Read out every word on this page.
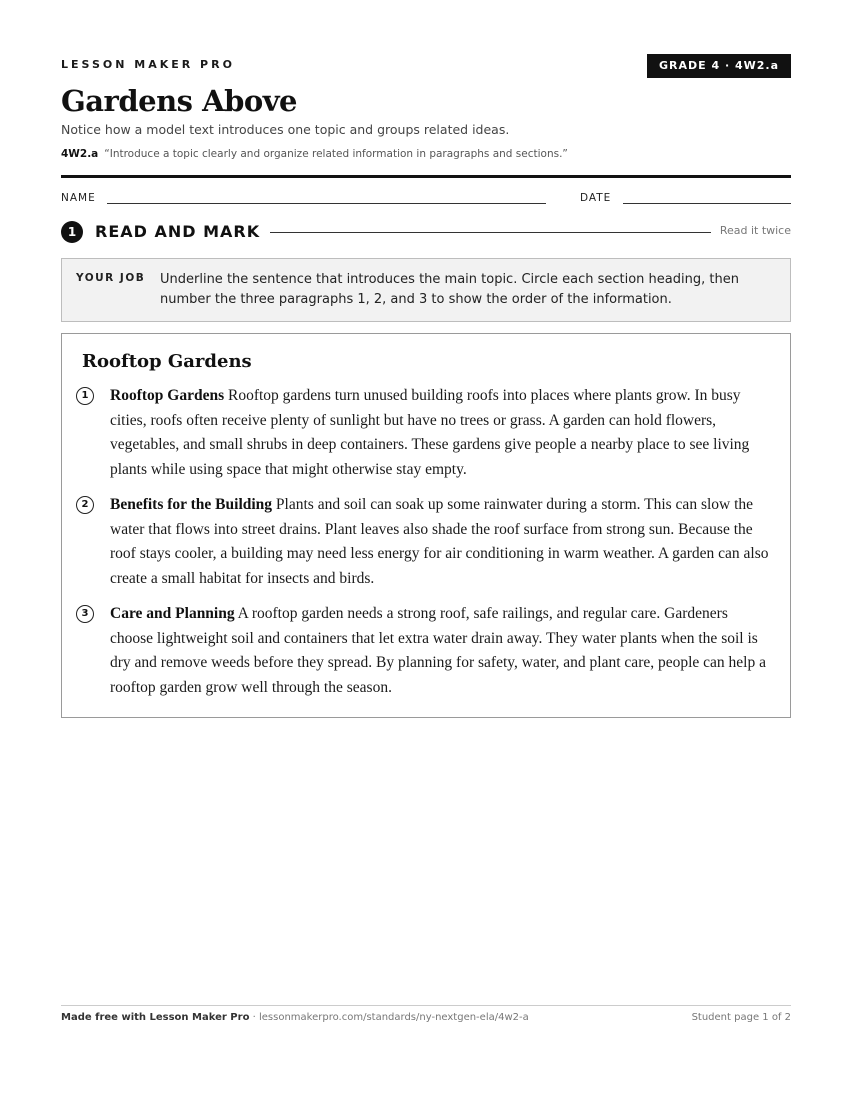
LESSON MAKER PRO	GRADE 4 · 4W2.a
Gardens Above
Notice how a model text introduces one topic and groups related ideas.
4W2.a “Introduce a topic clearly and organize related information in paragraphs and sections.”
NAME	DATE
1	READ AND MARK	Read it twice
YOUR JOB Underline the sentence that introduces the main topic. Circle each section heading, then number the three paragraphs 1, 2, and 3 to show the order of the information.
Rooftop Gardens
1	Rooftop Gardens Rooftop gardens turn unused building roofs into places where plants grow. In busy cities, roofs often receive plenty of sunlight but have no trees or grass. A garden can hold flowers, vegetables, and small shrubs in deep containers. These gardens give people a nearby place to see living plants while using space that might otherwise stay empty.
2	Benefits for the Building Plants and soil can soak up some rainwater during a storm. This can slow the water that flows into street drains. Plant leaves also shade the roof surface from strong sun. Because the roof stays cooler, a building may need less energy for air conditioning in warm weather. A garden can also create a small habitat for insects and birds.
3	Care and Planning A rooftop garden needs a strong roof, safe railings, and regular care. Gardeners choose lightweight soil and containers that let extra water drain away. They water plants when the soil is dry and remove weeds before they spread. By planning for safety, water, and plant care, people can help a rooftop garden grow well through the season.
Made free with Lesson Maker Pro · lessonmakerpro.com/standards/ny-nextgen-ela/4w2-a	Student page 1 of 2
